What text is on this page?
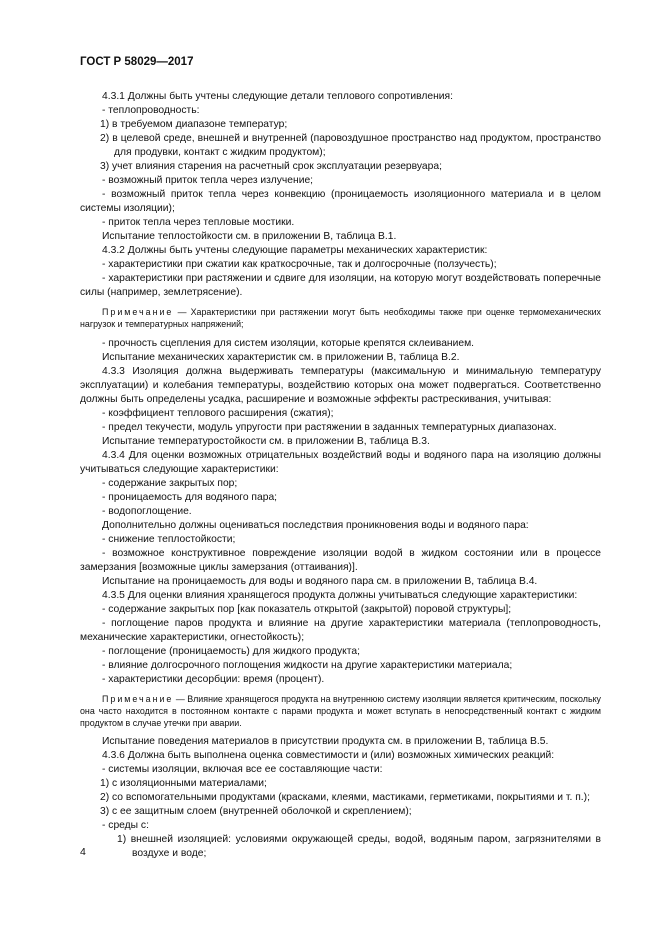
ГОСТ Р 58029—2017

4.3.1 Должны быть учтены следующие детали теплового сопротивления:

- теплопроводность:

1) в требуемом диапазоне температур;

2) в целевой среде, внешней и внутренней (паровоздушное пространство над продуктом, пространство для продувки, контакт с жидким продуктом);

3) учет влияния старения на расчетный срок эксплуатации резервуара;

- возможный приток тепла через излучение;

- возможный приток тепла через конвекцию (проницаемость изоляционного материала и в целом системы изоляции);

- приток тепла через тепловые мостики.

Испытание теплостойкости см. в приложении В, таблица В.1.

4.3.2 Должны быть учтены следующие параметры механических характеристик:

- характеристики при сжатии как краткосрочные, так и долгосрочные (ползучесть);

- характеристики при растяжении и сдвиге для изоляции, на которую могут воздействовать поперечные силы (например, землетрясение).

Примечание — Характеристики при растяжении могут быть необходимы также при оценке термомеханических нагрузок и температурных напряжений;

- прочность сцепления для систем изоляции, которые крепятся склеиванием.

Испытание механических характеристик см. в приложении В, таблица В.2.

4.3.3 Изоляция должна выдерживать температуры (максимальную и минимальную температуру эксплуатации) и колебания температуры, воздействию которых она может подвергаться. Соответственно должны быть определены усадка, расширение и возможные эффекты растрескивания, учитывая:

- коэффициент теплового расширения (сжатия);

- предел текучести, модуль упругости при растяжении в заданных температурных диапазонах.

Испытание температуростойкости см. в приложении В, таблица В.3.

4.3.4 Для оценки возможных отрицательных воздействий воды и водяного пара на изоляцию должны учитываться следующие характеристики:

- содержание закрытых пор;

- проницаемость для водяного пара;

- водопоглощение.

Дополнительно должны оцениваться последствия проникновения воды и водяного пара:

- снижение теплостойкости;

- возможное конструктивное повреждение изоляции водой в жидком состоянии или в процессе замерзания [возможные циклы замерзания (оттаивания)].

Испытание на проницаемость для воды и водяного пара см. в приложении В, таблица В.4.

4.3.5 Для оценки влияния хранящегося продукта должны учитываться следующие характеристики:

- содержание закрытых пор [как показатель открытой (закрытой) поровой структуры];

- поглощение паров продукта и влияние на другие характеристики материала (теплопроводность, механические характеристики, огнестойкость);

- поглощение (проницаемость) для жидкого продукта;

- влияние долгосрочного поглощения жидкости на другие характеристики материала;

- характеристики десорбции: время (процент).

Примечание — Влияние хранящегося продукта на внутреннюю систему изоляции является критическим, поскольку она часто находится в постоянном контакте с парами продукта и может вступать в непосредственный контакт с жидким продуктом в случае утечки при аварии.

Испытание поведения материалов в присутствии продукта см. в приложении В, таблица В.5.

4.3.6 Должна быть выполнена оценка совместимости и (или) возможных химических реакций:

- системы изоляции, включая все ее составляющие части:

1) с изоляционными материалами;

2) со вспомогательными продуктами (красками, клеями, мастиками, герметиками, покрытиями и т. п.);

3) с ее защитным слоем (внутренней оболочкой и скреплением);

- среды с:

1) внешней изоляцией: условиями окружающей среды, водой, водяным паром, загрязнителями в воздухе и воде;

4
